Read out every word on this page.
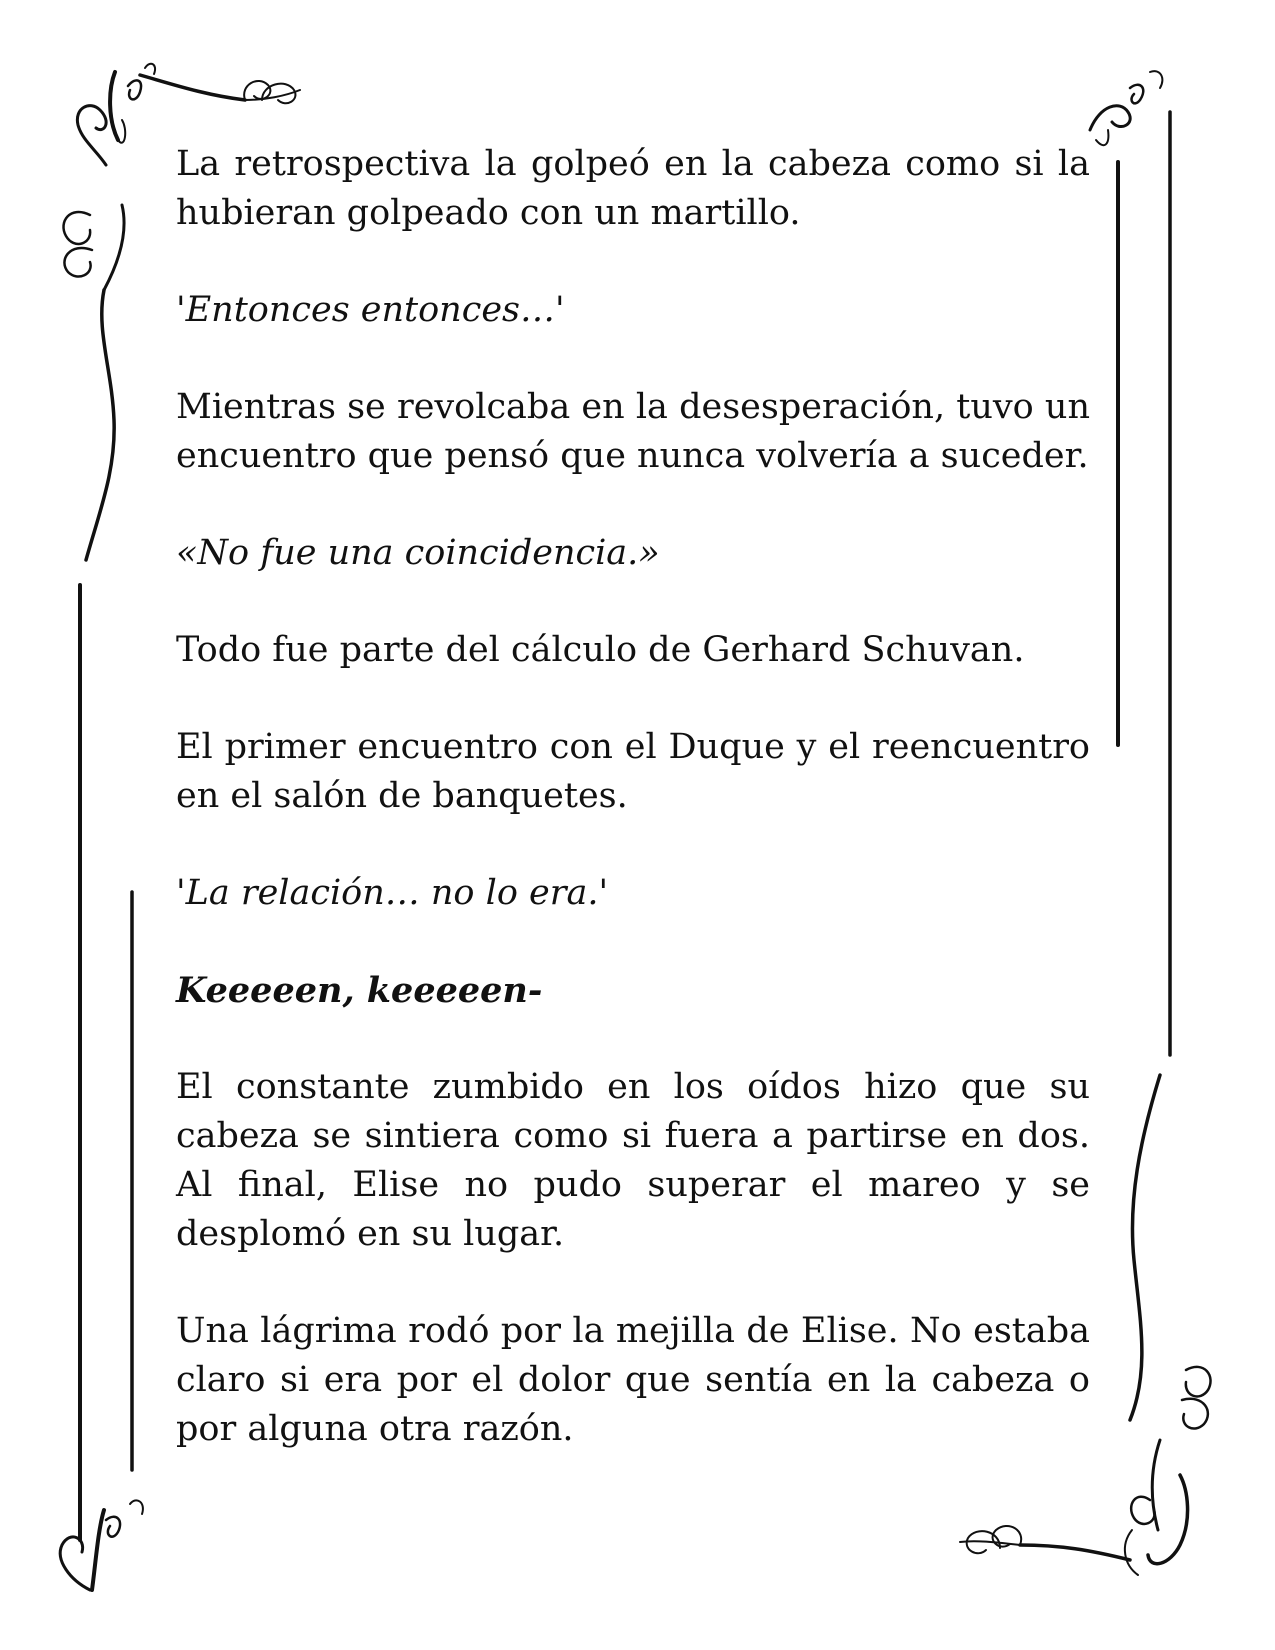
La retrospectiva la golpeó en la cabeza como si la hubieran golpeado con un martillo.

'Entonces entonces…'

Mientras se revolcaba en la desesperación, tuvo un encuentro que pensó que nunca volvería a suceder.

«No fue una coincidencia.»

Todo fue parte del cálculo de Gerhard Schuvan.

El primer encuentro con el Duque y el reencuentro en el salón de banquetes.

'La relación… no lo era.'

Keeeeen, keeeeen-

El constante zumbido en los oídos hizo que su cabeza se sintiera como si fuera a partirse en dos. Al final, Elise no pudo superar el mareo y se desplomó en su lugar.

Una lágrima rodó por la mejilla de Elise. No estaba claro si era por el dolor que sentía en la cabeza o por alguna otra razón.
